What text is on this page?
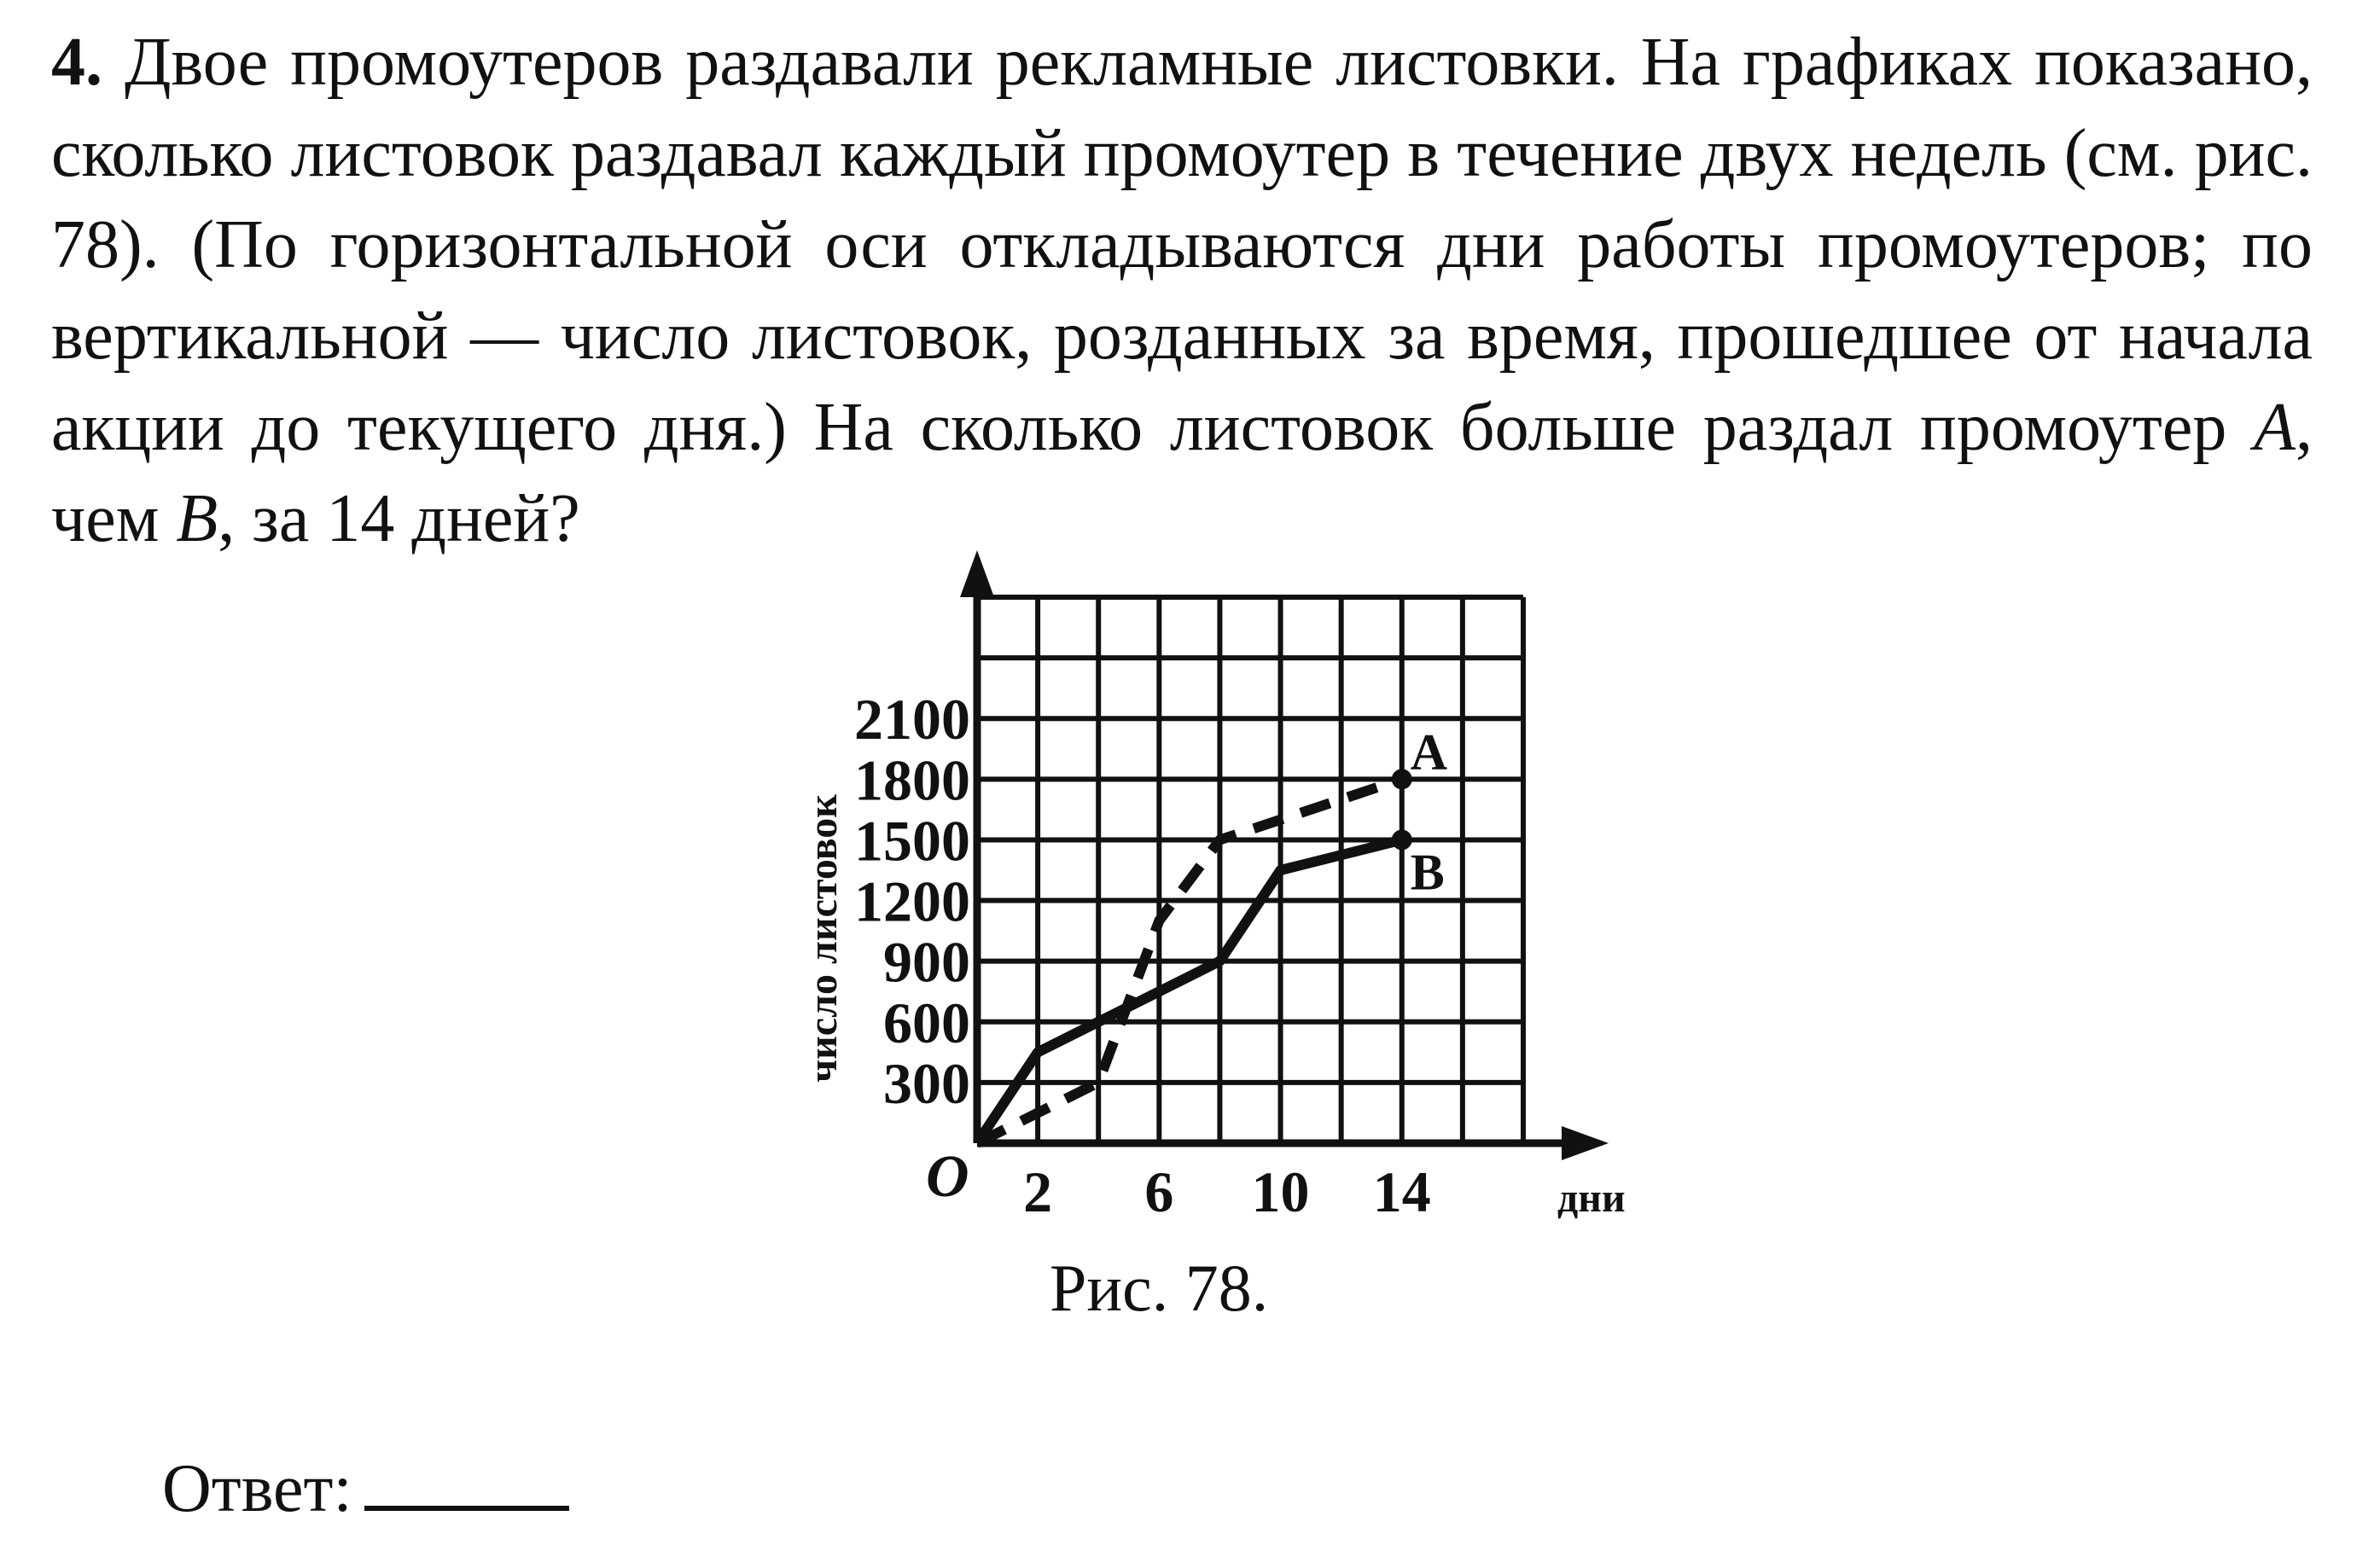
4. Двое промоутеров раздавали рекламные листовки. На графиках показано, сколько листовок раздавал каждый промоутер в течение двух недель (см. рис. 78). (По горизонтальной оси откладываются дни работы промоутеров; по вертикальной — число листовок, розданных за время, прошедшее от начала акции до текущего дня.) На сколько листовок больше раздал промоутер A, чем B, за 14 дней?
300
600
900
1200
1500
1800
2100
2 6 10 14
O	дни
число листовок
A
B
Рис. 78.
Ответ:
